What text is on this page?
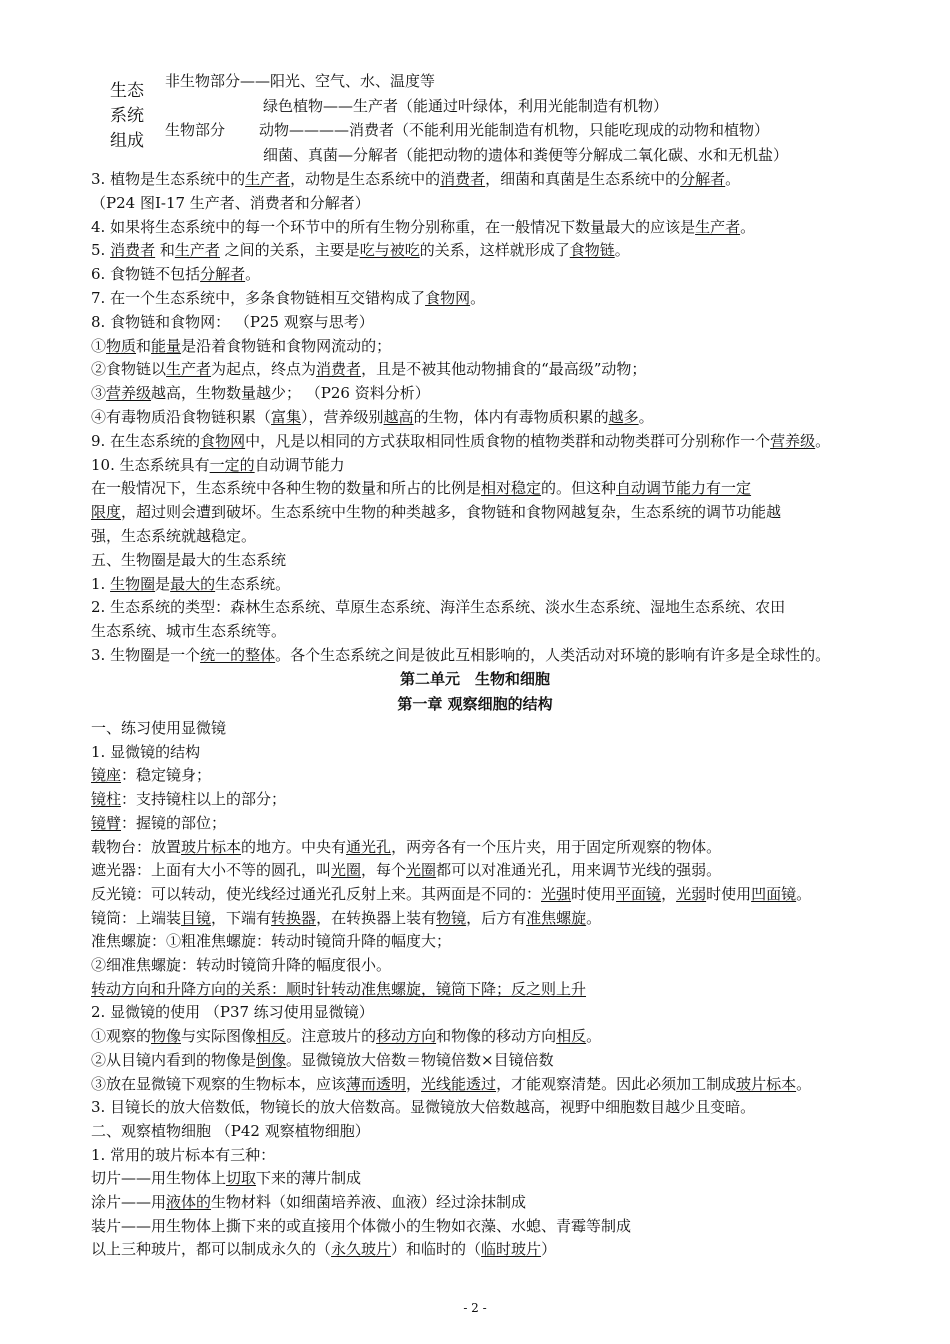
生态
系统
组成
非生物部分——阳光、空气、水、温度等
绿色植物——生产者（能通过叶绿体，利用光能制造有机物）
生物部分 动物————消费者（不能利用光能制造有机物，只能吃现成的动物和植物）
细菌、真菌—分解者（能把动物的遗体和粪便等分解成二氧化碳、水和无机盐）
3. 植物是生态系统中的生产者，动物是生态系统中的消费者，细菌和真菌是生态系统中的分解者。
（P24 图Ⅰ-17 生产者、消费者和分解者）
4. 如果将生态系统中的每一个环节中的所有生物分别称重，在一般情况下数量最大的应该是生产者。
5. 消费者 和生产者 之间的关系，主要是吃与被吃的关系，这样就形成了食物链。
6. 食物链不包括分解者。
7. 在一个生态系统中，多条食物链相互交错构成了食物网。
8. 食物链和食物网： （P25 观察与思考）
①物质和能量是沿着食物链和食物网流动的；
②食物链以生产者为起点，终点为消费者，且是不被其他动物捕食的“最高级”动物；
③营养级越高，生物数量越少； （P26 资料分析）
④有毒物质沿食物链积累（富集），营养级别越高的生物，体内有毒物质积累的越多。
9. 在生态系统的食物网中，凡是以相同的方式获取相同性质食物的植物类群和动物类群可分别称作一个营养级。
10. 生态系统具有一定的自动调节能力
在一般情况下，生态系统中各种生物的数量和所占的比例是相对稳定的。但这种自动调节能力有一定
限度，超过则会遭到破坏。生态系统中生物的种类越多，食物链和食物网越复杂，生态系统的调节功能越
强，生态系统就越稳定。
五、生物圈是最大的生态系统
1. 生物圈是最大的生态系统。
2. 生态系统的类型：森林生态系统、草原生态系统、海洋生态系统、淡水生态系统、湿地生态系统、农田
生态系统、城市生态系统等。
3. 生物圈是一个统一的整体。各个生态系统之间是彼此互相影响的，人类活动对环境的影响有许多是全球性的。
第二单元　生物和细胞
第一章 观察细胞的结构
一、练习使用显微镜
1. 显微镜的结构
镜座：稳定镜身；
镜柱：支持镜柱以上的部分；
镜臂：握镜的部位；
载物台：放置玻片标本的地方。中央有通光孔，两旁各有一个压片夹，用于固定所观察的物体。
遮光器：上面有大小不等的圆孔，叫光圈，每个光圈都可以对准通光孔，用来调节光线的强弱。
反光镜：可以转动，使光线经过通光孔反射上来。其两面是不同的：光强时使用平面镜，光弱时使用凹面镜。
镜筒：上端装目镜，下端有转换器，在转换器上装有物镜，后方有准焦螺旋。
准焦螺旋：①粗准焦螺旋：转动时镜筒升降的幅度大；
②细准焦螺旋：转动时镜筒升降的幅度很小。
转动方向和升降方向的关系：顺时针转动准焦螺旋，镜筒下降；反之则上升
2. 显微镜的使用 （P37 练习使用显微镜）
①观察的物像与实际图像相反。注意玻片的移动方向和物像的移动方向相反。
②从目镜内看到的物像是倒像。显微镜放大倍数＝物镜倍数×目镜倍数
③放在显微镜下观察的生物标本，应该薄而透明，光线能透过，才能观察清楚。因此必须加工制成玻片标本。
3. 目镜长的放大倍数低，物镜长的放大倍数高。显微镜放大倍数越高，视野中细胞数目越少且变暗。
二、观察植物细胞 （P42 观察植物细胞）
1. 常用的玻片标本有三种：
切片——用生物体上切取下来的薄片制成
涂片——用液体的生物材料（如细菌培养液、血液）经过涂抹制成
装片——用生物体上撕下来的或直接用个体微小的生物如衣藻、水螅、青霉等制成
以上三种玻片，都可以制成永久的（永久玻片）和临时的（临时玻片）
- 2 -
